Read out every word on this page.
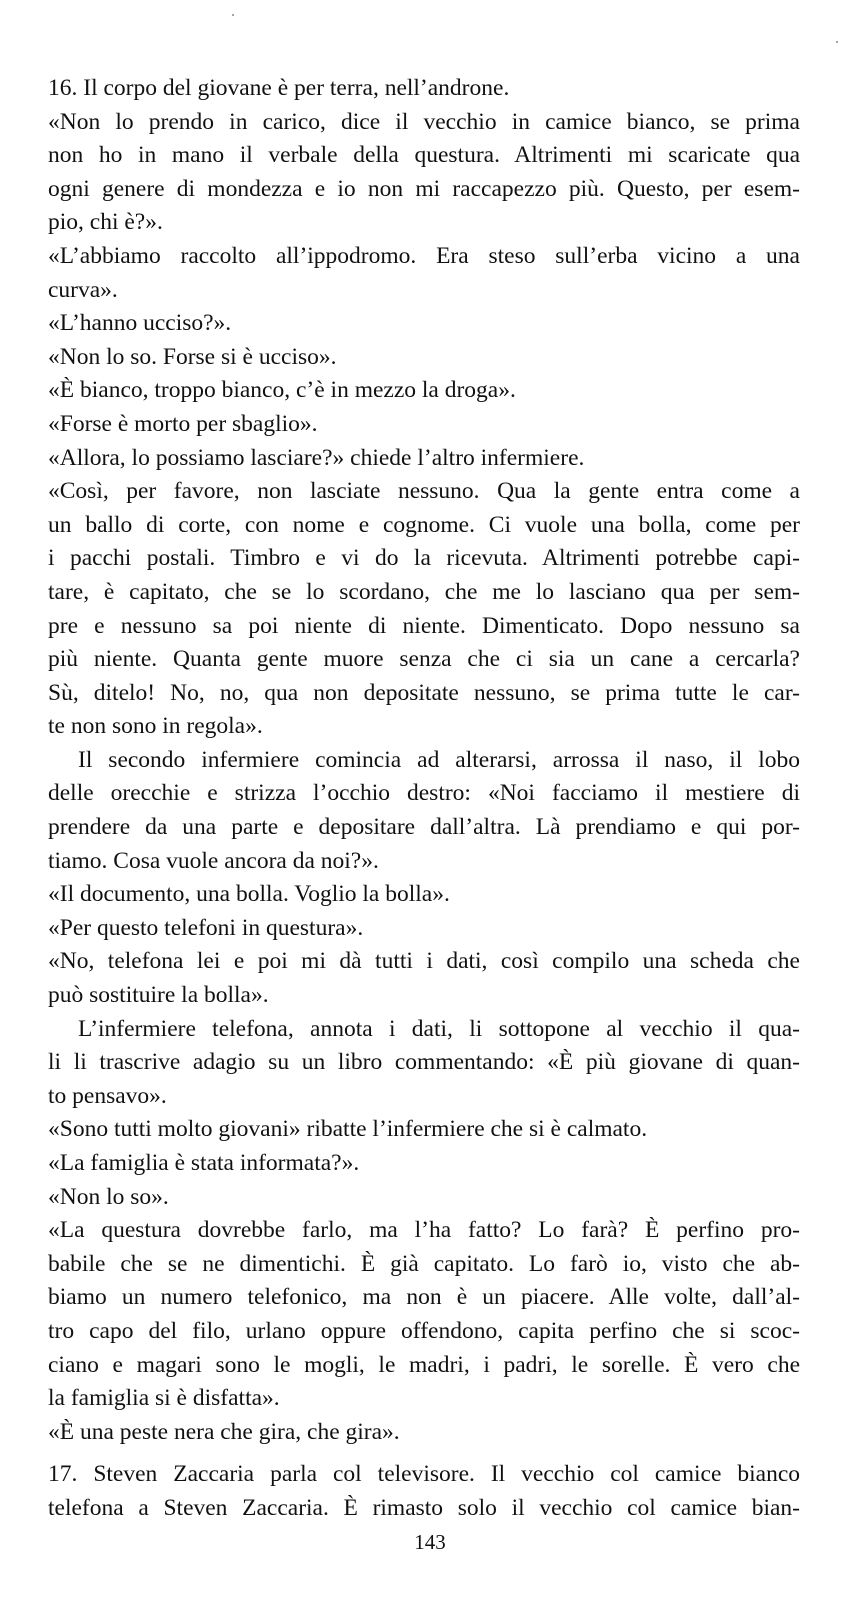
16. Il corpo del giovane è per terra, nell’androne.
«Non lo prendo in carico, dice il vecchio in camice bianco, se prima
non ho in mano il verbale della questura. Altrimenti mi scaricate qua
ogni genere di mondezza e io non mi raccapezzo più. Questo, per esem-
pio, chi è?».
«L’abbiamo raccolto all’ippodromo. Era steso sull’erba vicino a una
curva».
«L’hanno ucciso?».
«Non lo so. Forse si è ucciso».
«È bianco, troppo bianco, c’è in mezzo la droga».
«Forse è morto per sbaglio».
«Allora, lo possiamo lasciare?» chiede l’altro infermiere.
«Così, per favore, non lasciate nessuno. Qua la gente entra come a
un ballo di corte, con nome e cognome. Ci vuole una bolla, come per
i pacchi postali. Timbro e vi do la ricevuta. Altrimenti potrebbe capi-
tare, è capitato, che se lo scordano, che me lo lasciano qua per sem-
pre e nessuno sa poi niente di niente. Dimenticato. Dopo nessuno sa
più niente. Quanta gente muore senza che ci sia un cane a cercarla?
Sù, ditelo! No, no, qua non depositate nessuno, se prima tutte le car-
te non sono in regola».
Il secondo infermiere comincia ad alterarsi, arrossa il naso, il lobo
delle orecchie e strizza l’occhio destro: «Noi facciamo il mestiere di
prendere da una parte e depositare dall’altra. Là prendiamo e qui por-
tiamo. Cosa vuole ancora da noi?».
«Il documento, una bolla. Voglio la bolla».
«Per questo telefoni in questura».
«No, telefona lei e poi mi dà tutti i dati, così compilo una scheda che
può sostituire la bolla».
L’infermiere telefona, annota i dati, li sottopone al vecchio il qua-
li li trascrive adagio su un libro commentando: «È più giovane di quan-
to pensavo».
«Sono tutti molto giovani» ribatte l’infermiere che si è calmato.
«La famiglia è stata informata?».
«Non lo so».
«La questura dovrebbe farlo, ma l’ha fatto? Lo farà? È perfino pro-
babile che se ne dimentichi. È già capitato. Lo farò io, visto che ab-
biamo un numero telefonico, ma non è un piacere. Alle volte, dall’al-
tro capo del filo, urlano oppure offendono, capita perfino che si scoc-
ciano e magari sono le mogli, le madri, i padri, le sorelle. È vero che
la famiglia si è disfatta».
«È una peste nera che gira, che gira».
17. Steven Zaccaria parla col televisore. Il vecchio col camice bianco
telefona a Steven Zaccaria. È rimasto solo il vecchio col camice bian-
143
